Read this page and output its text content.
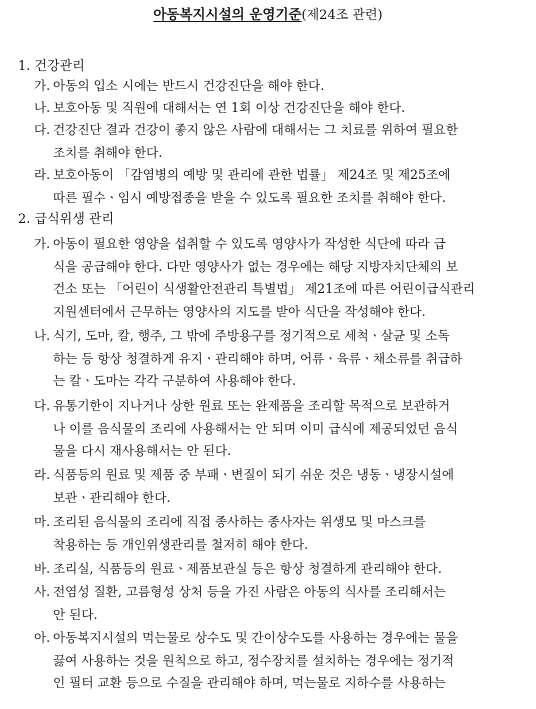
아동복지시설의 운영기준(제24조 관련)
1. 건강관리
가. 아동의 입소 시에는 반드시 건강진단을 해야 한다.
나. 보호아동 및 직원에 대해서는 연 1회 이상 건강진단을 해야 한다.
다. 건강진단 결과 건강이 좋지 않은 사람에 대해서는 그 치료를 위하여 필요한
조치를 취해야 한다.
라. 보호아동이 「감염병의 예방 및 관리에 관한 법률」 제24조 및 제25조에
따른 필수ㆍ임시 예방접종을 받을 수 있도록 필요한 조치를 취해야 한다.
2. 급식위생 관리
가. 아동이 필요한 영양을 섭취할 수 있도록 영양사가 작성한 식단에 따라 급
식을 공급해야 한다. 다만 영양사가 없는 경우에는 해당 지방자치단체의 보
건소 또는 「어린이 식생활안전관리 특별법」 제21조에 따른 어린이급식관리
지원센터에서 근무하는 영양사의 지도를 받아 식단을 작성해야 한다.
나. 식기, 도마, 칼, 행주, 그 밖에 주방용구를 정기적으로 세척ㆍ살균 및 소독
하는 등 항상 청결하게 유지ㆍ관리해야 하며, 어류ㆍ육류ㆍ채소류를 취급하
는 칼ㆍ도마는 각각 구분하여 사용해야 한다.
다. 유통기한이 지나거나 상한 원료 또는 완제품을 조리할 목적으로 보관하거
나 이를 음식물의 조리에 사용해서는 안 되며 이미 급식에 제공되었던 음식
물을 다시 재사용해서는 안 된다.
라. 식품등의 원료 및 제품 중 부패ㆍ변질이 되기 쉬운 것은 냉동ㆍ냉장시설에
보관ㆍ관리해야 한다.
마. 조리된 음식물의 조리에 직접 종사하는 종사자는 위생모 및 마스크를
착용하는 등 개인위생관리를 철저히 해야 한다.
바. 조리실, 식품등의 원료ㆍ제품보관실 등은 항상 청결하게 관리해야 한다.
사. 전염성 질환, 고름형성 상처 등을 가진 사람은 아동의 식사를 조리해서는
안 된다.
아. 아동복지시설의 먹는물로 상수도 및 간이상수도를 사용하는 경우에는 물을
끓여 사용하는 것을 원칙으로 하고, 정수장치를 설치하는 경우에는 정기적
인 필터 교환 등으로 수질을 관리해야 하며, 먹는물로 지하수를 사용하는
